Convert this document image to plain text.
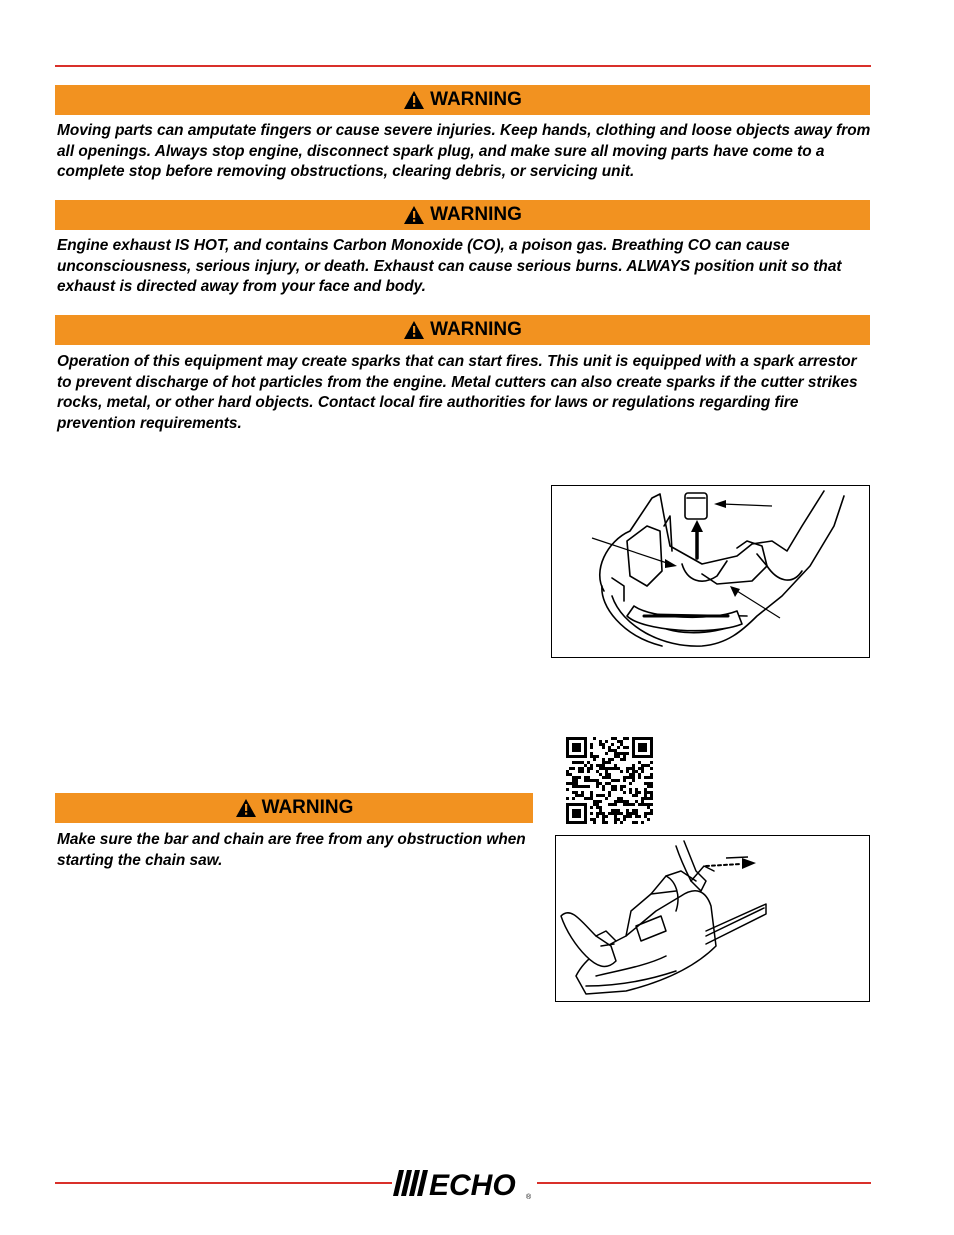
WARNING
Moving parts can amputate fingers or cause severe injuries. Keep hands, clothing and loose objects away from all openings. Always stop engine, disconnect spark plug, and make sure all moving parts have come to a complete stop before removing obstructions, clearing debris, or servicing unit.
WARNING
Engine exhaust IS HOT, and contains Carbon Monoxide (CO), a poison gas. Breathing CO can cause unconsciousness, serious injury, or death. Exhaust can cause serious burns. ALWAYS position unit so that exhaust is directed away from your face and body.
WARNING
Operation of this equipment may create sparks that can start fires. This unit is equipped with a spark arrestor to prevent discharge of hot particles from the engine. Metal cutters can also create sparks if the cutter strikes rocks, metal, or other hard objects. Contact local fire authorities for laws or regulations regarding fire prevention requirements.
WARNING
Make sure the bar and chain are free from any obstruction when starting the chain saw.
ECHO ®
